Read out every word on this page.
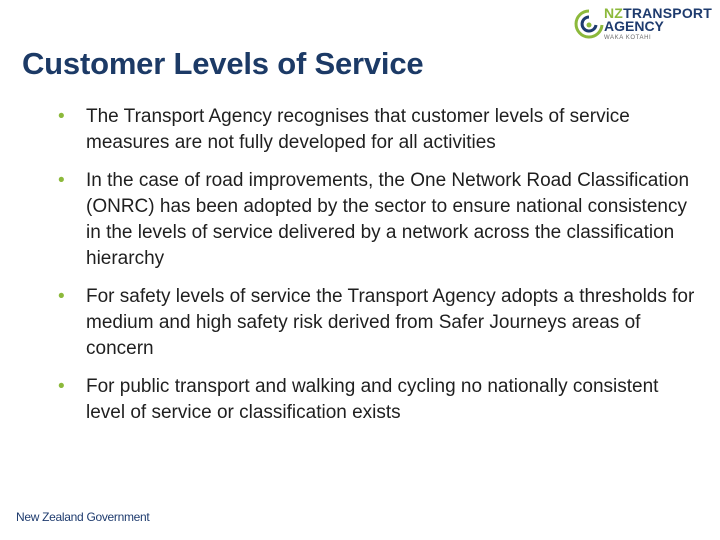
NZTRANSPORT
AGENCY
WAKA KOTAHI
Customer Levels of Service
• The Transport Agency recognises that customer levels of service measures are not fully developed for all activities
• In the case of road improvements, the One Network Road Classification (ONRC) has been adopted by the sector to ensure national consistency in the levels of service delivered by a network across the classification hierarchy
• For safety levels of service the Transport Agency adopts a thresholds for medium and high safety risk derived from Safer Journeys areas of concern
• For public transport and walking and cycling no nationally consistent level of service or classification exists
New Zealand Government
